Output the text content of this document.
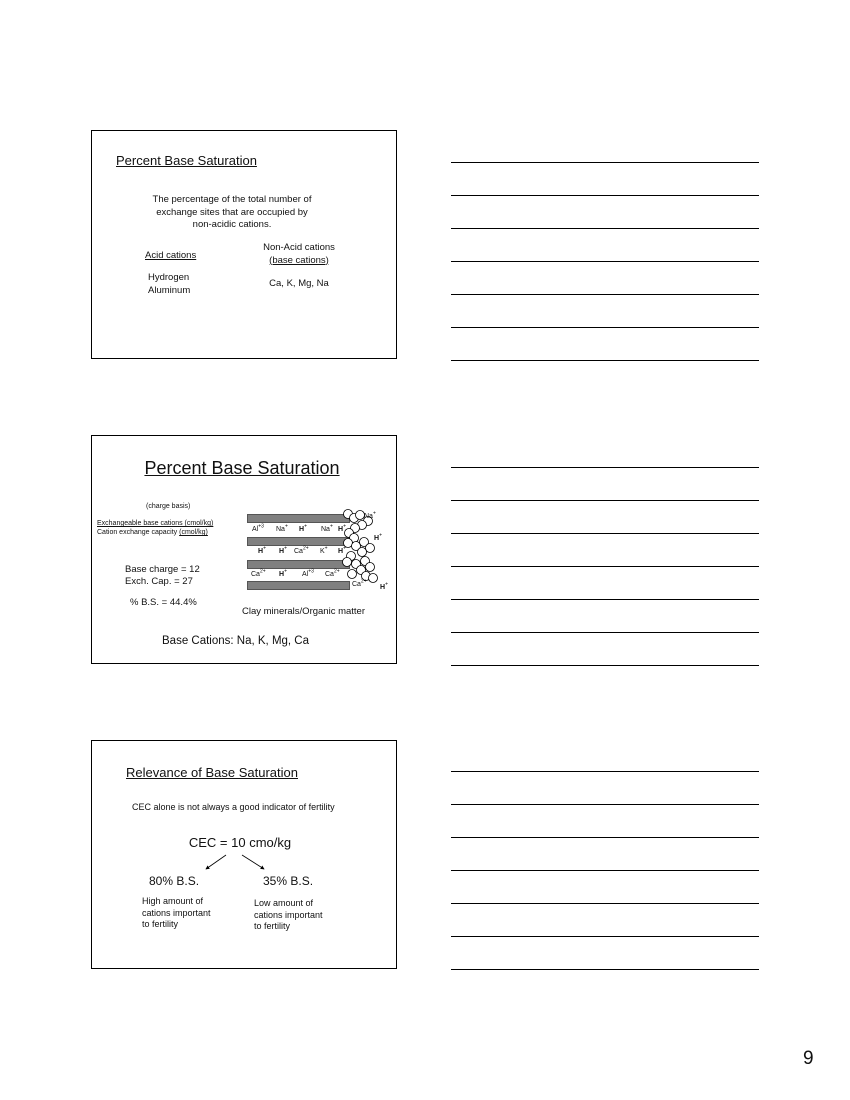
Percent Base Saturation
The percentage of the total number of
exchange sites that are occupied by
non-acidic cations.
Acid cations
Hydrogen
Aluminum
Non-Acid cations
(base cations)
Ca, K, Mg, Na
Percent Base Saturation
(charge basis)
Exchangeable base cations (cmol/kg)
Cation exchange capacity (cmol/kg)
Base charge = 12
Exch. Cap. = 27
% B.S. = 44.4%
$Al^{+3}$ Na+ H+ Na+ H+
H+ H+ $Ca^{2+}$ K+ H+
$Ca^{2+}$ H+ $Al^{+3}$ $Ca^{2+}$
Na+
H+
$Ca^{2+}$
H+
Clay minerals/Organic matter
Base Cations: Na, K, Mg, Ca
Relevance of Base Saturation
CEC alone is not always a good indicator of fertility
CEC = 10 cmo/kg
80% B.S.
High amount of
cations important
to fertility
35% B.S.
Low amount of
cations important
to fertility
9
